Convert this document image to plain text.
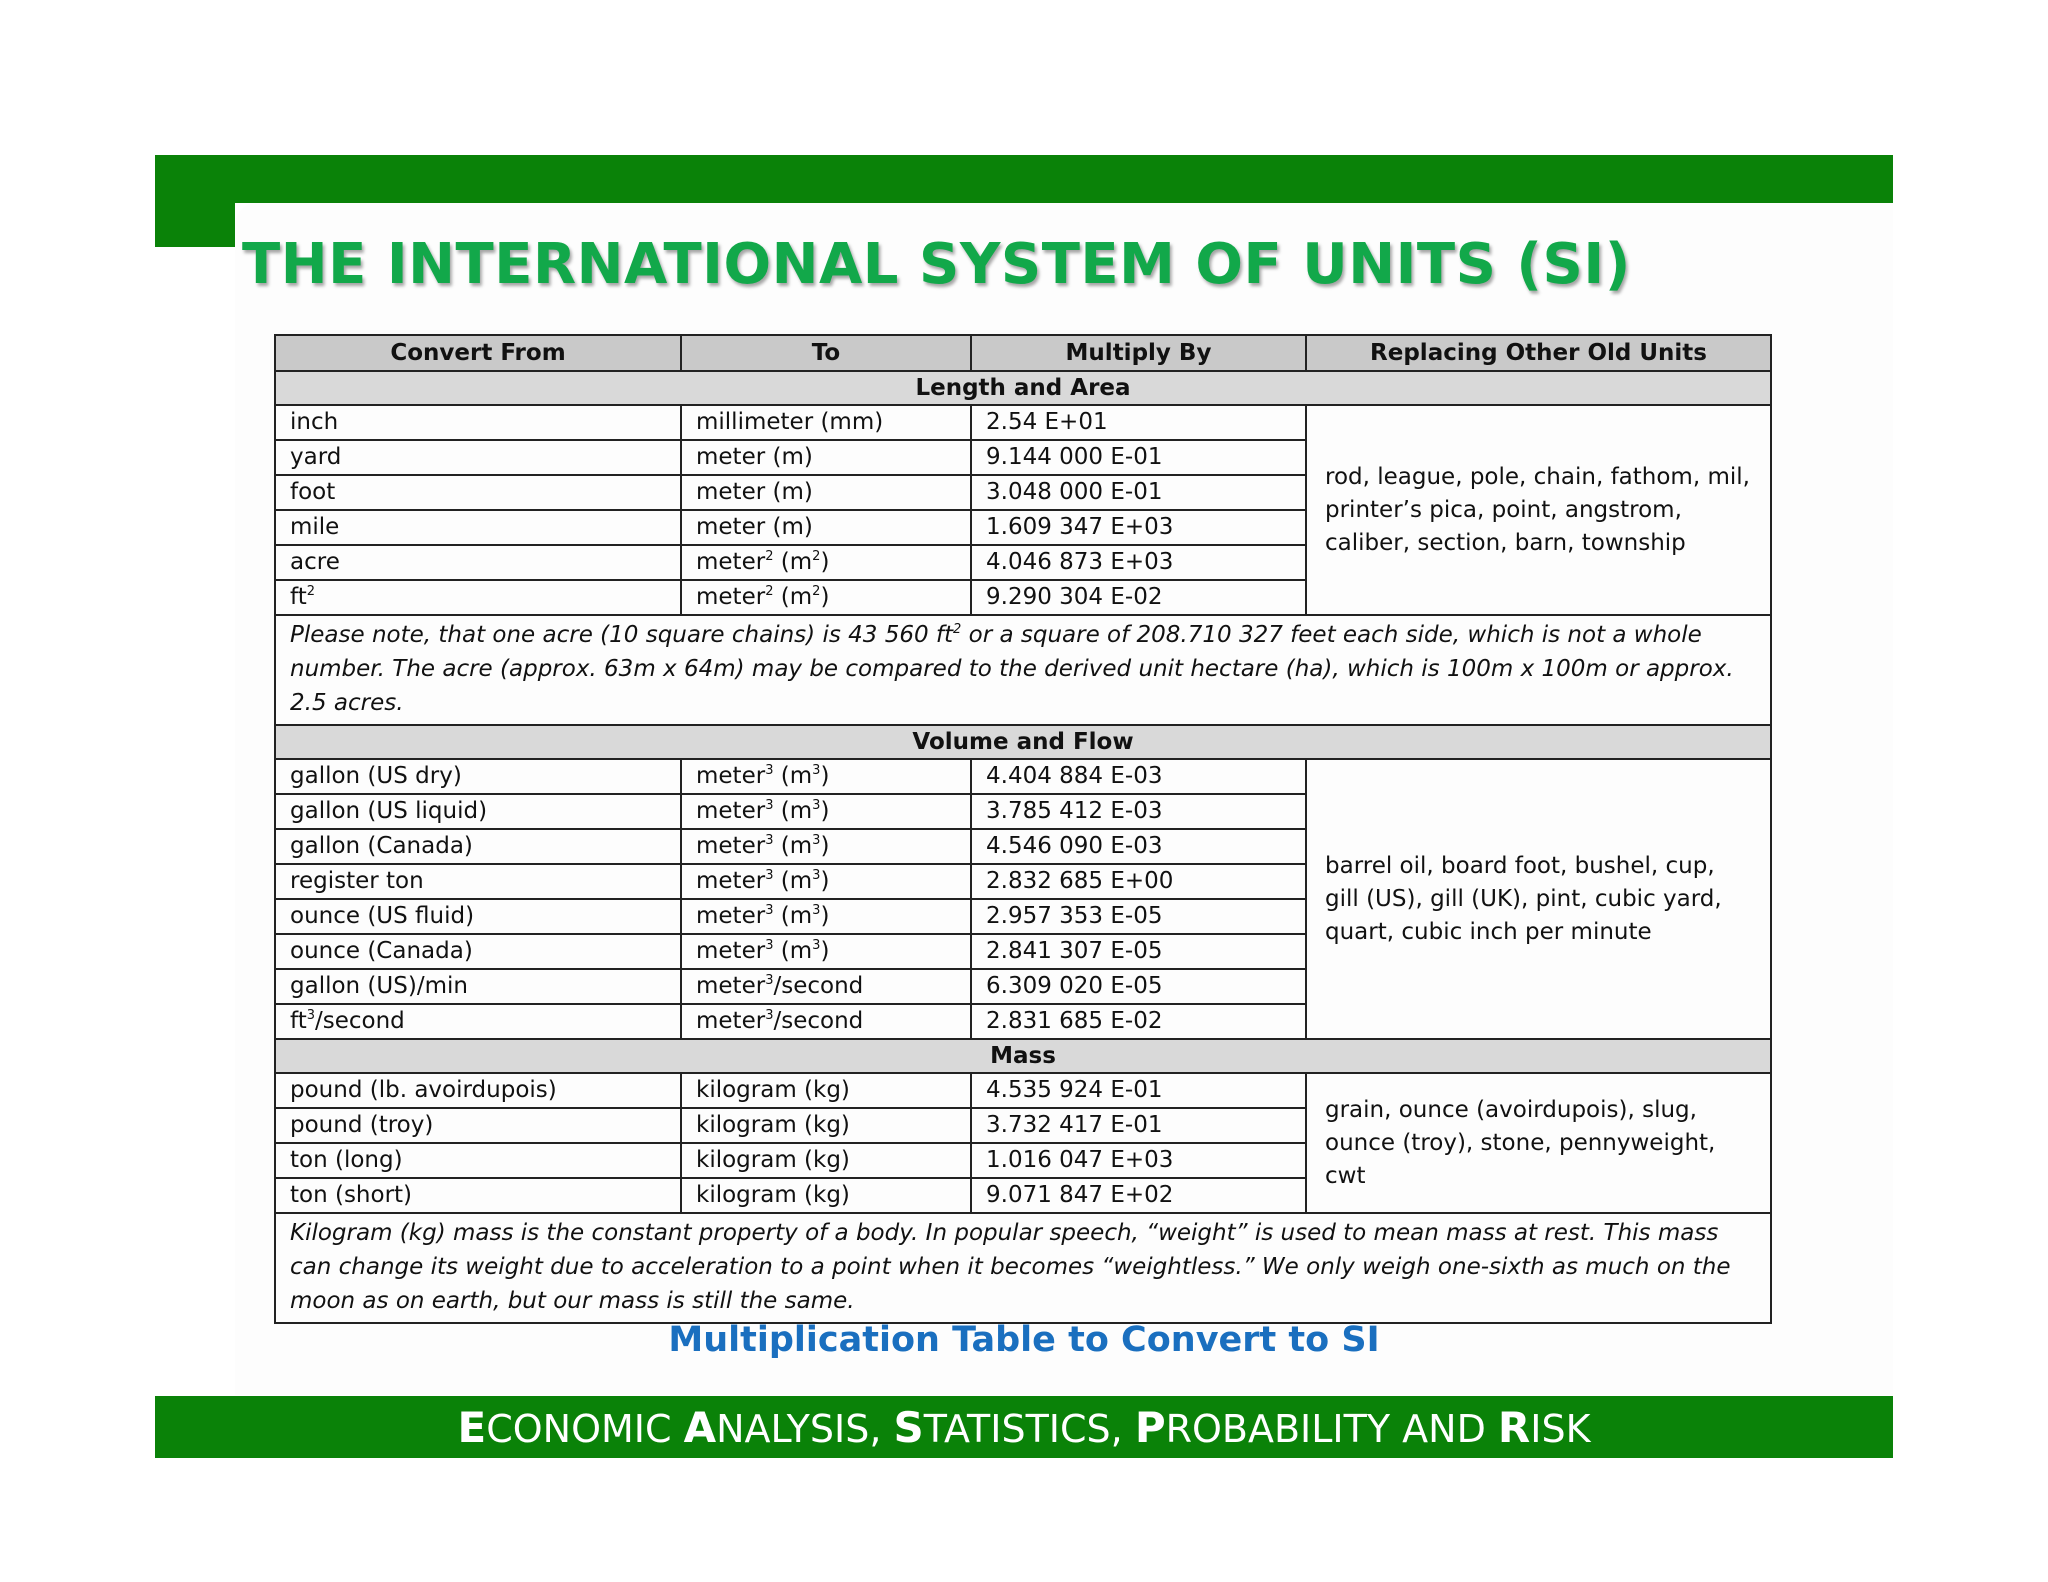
THE INTERNATIONAL SYSTEM OF UNITS (SI)
Convert From	To	Multiply By	Replacing Other Old Units
Length and Area			
inch	millimeter (mm)	2.54 E+01	rod, league, pole, chain, fathom, mil, printer’s pica, point, angstrom, caliber, section, barn, township
yard	meter (m)	9.144 000 E-01	
foot	meter (m)	3.048 000 E-01	
mile	meter (m)	1.609 347 E+03	
acre	meter$^2$ $(m^2)$	4.046 873 E+03	
$ft^2$	meter$^2$ $(m^2)$	9.290 304 E-02	
Please note, that one acre (10 square chains) is 43 560 $ft^2$ or a square of 208.710 327 feet each side, which is not a whole number. The acre (approx. 63m x 64m) may be compared to the derived unit hectare (ha), which is 100m x 100m or approx. 2.5 acres.			
Volume and Flow			
gallon (US dry)	meter$^3$ $(m^3)$	4.404 884 E-03	barrel oil, board foot, bushel, cup, gill (US), gill (UK), pint, cubic yard, quart, cubic inch per minute
gallon (US liquid)	meter$^3$ $(m^3)$	3.785 412 E-03	
gallon (Canada)	meter$^3$ $(m^3)$	4.546 090 E-03	
register ton	meter$^3$ $(m^3)$	2.832 685 E+00	
ounce (US fluid)	meter$^3$ $(m^3)$	2.957 353 E-05	
ounce (Canada)	meter$^3$ $(m^3)$	2.841 307 E-05	
gallon (US)/min	meter$^3$/second	6.309 020 E-05	
$ft^3$/second	meter$^3$/second	2.831 685 E-02	
Mass			
pound (lb. avoirdupois)	kilogram (kg)	4.535 924 E-01	grain, ounce (avoirdupois), slug, ounce (troy), stone, pennyweight, cwt
pound (troy)	kilogram (kg)	3.732 417 E-01	
ton (long)	kilogram (kg)	1.016 047 E+03	
ton (short)	kilogram (kg)	9.071 847 E+02	
Kilogram (kg) mass is the constant property of a body. In popular speech, “weight” is used to mean mass at rest. This mass can change its weight due to acceleration to a point when it becomes “weightless.” We only weigh one-sixth as much on the moon as on earth, but our mass is still the same.			

Multiplication Table to Convert to SI

ECONOMIC ANALYSIS, STATISTICS, PROBABILITY AND RISK
